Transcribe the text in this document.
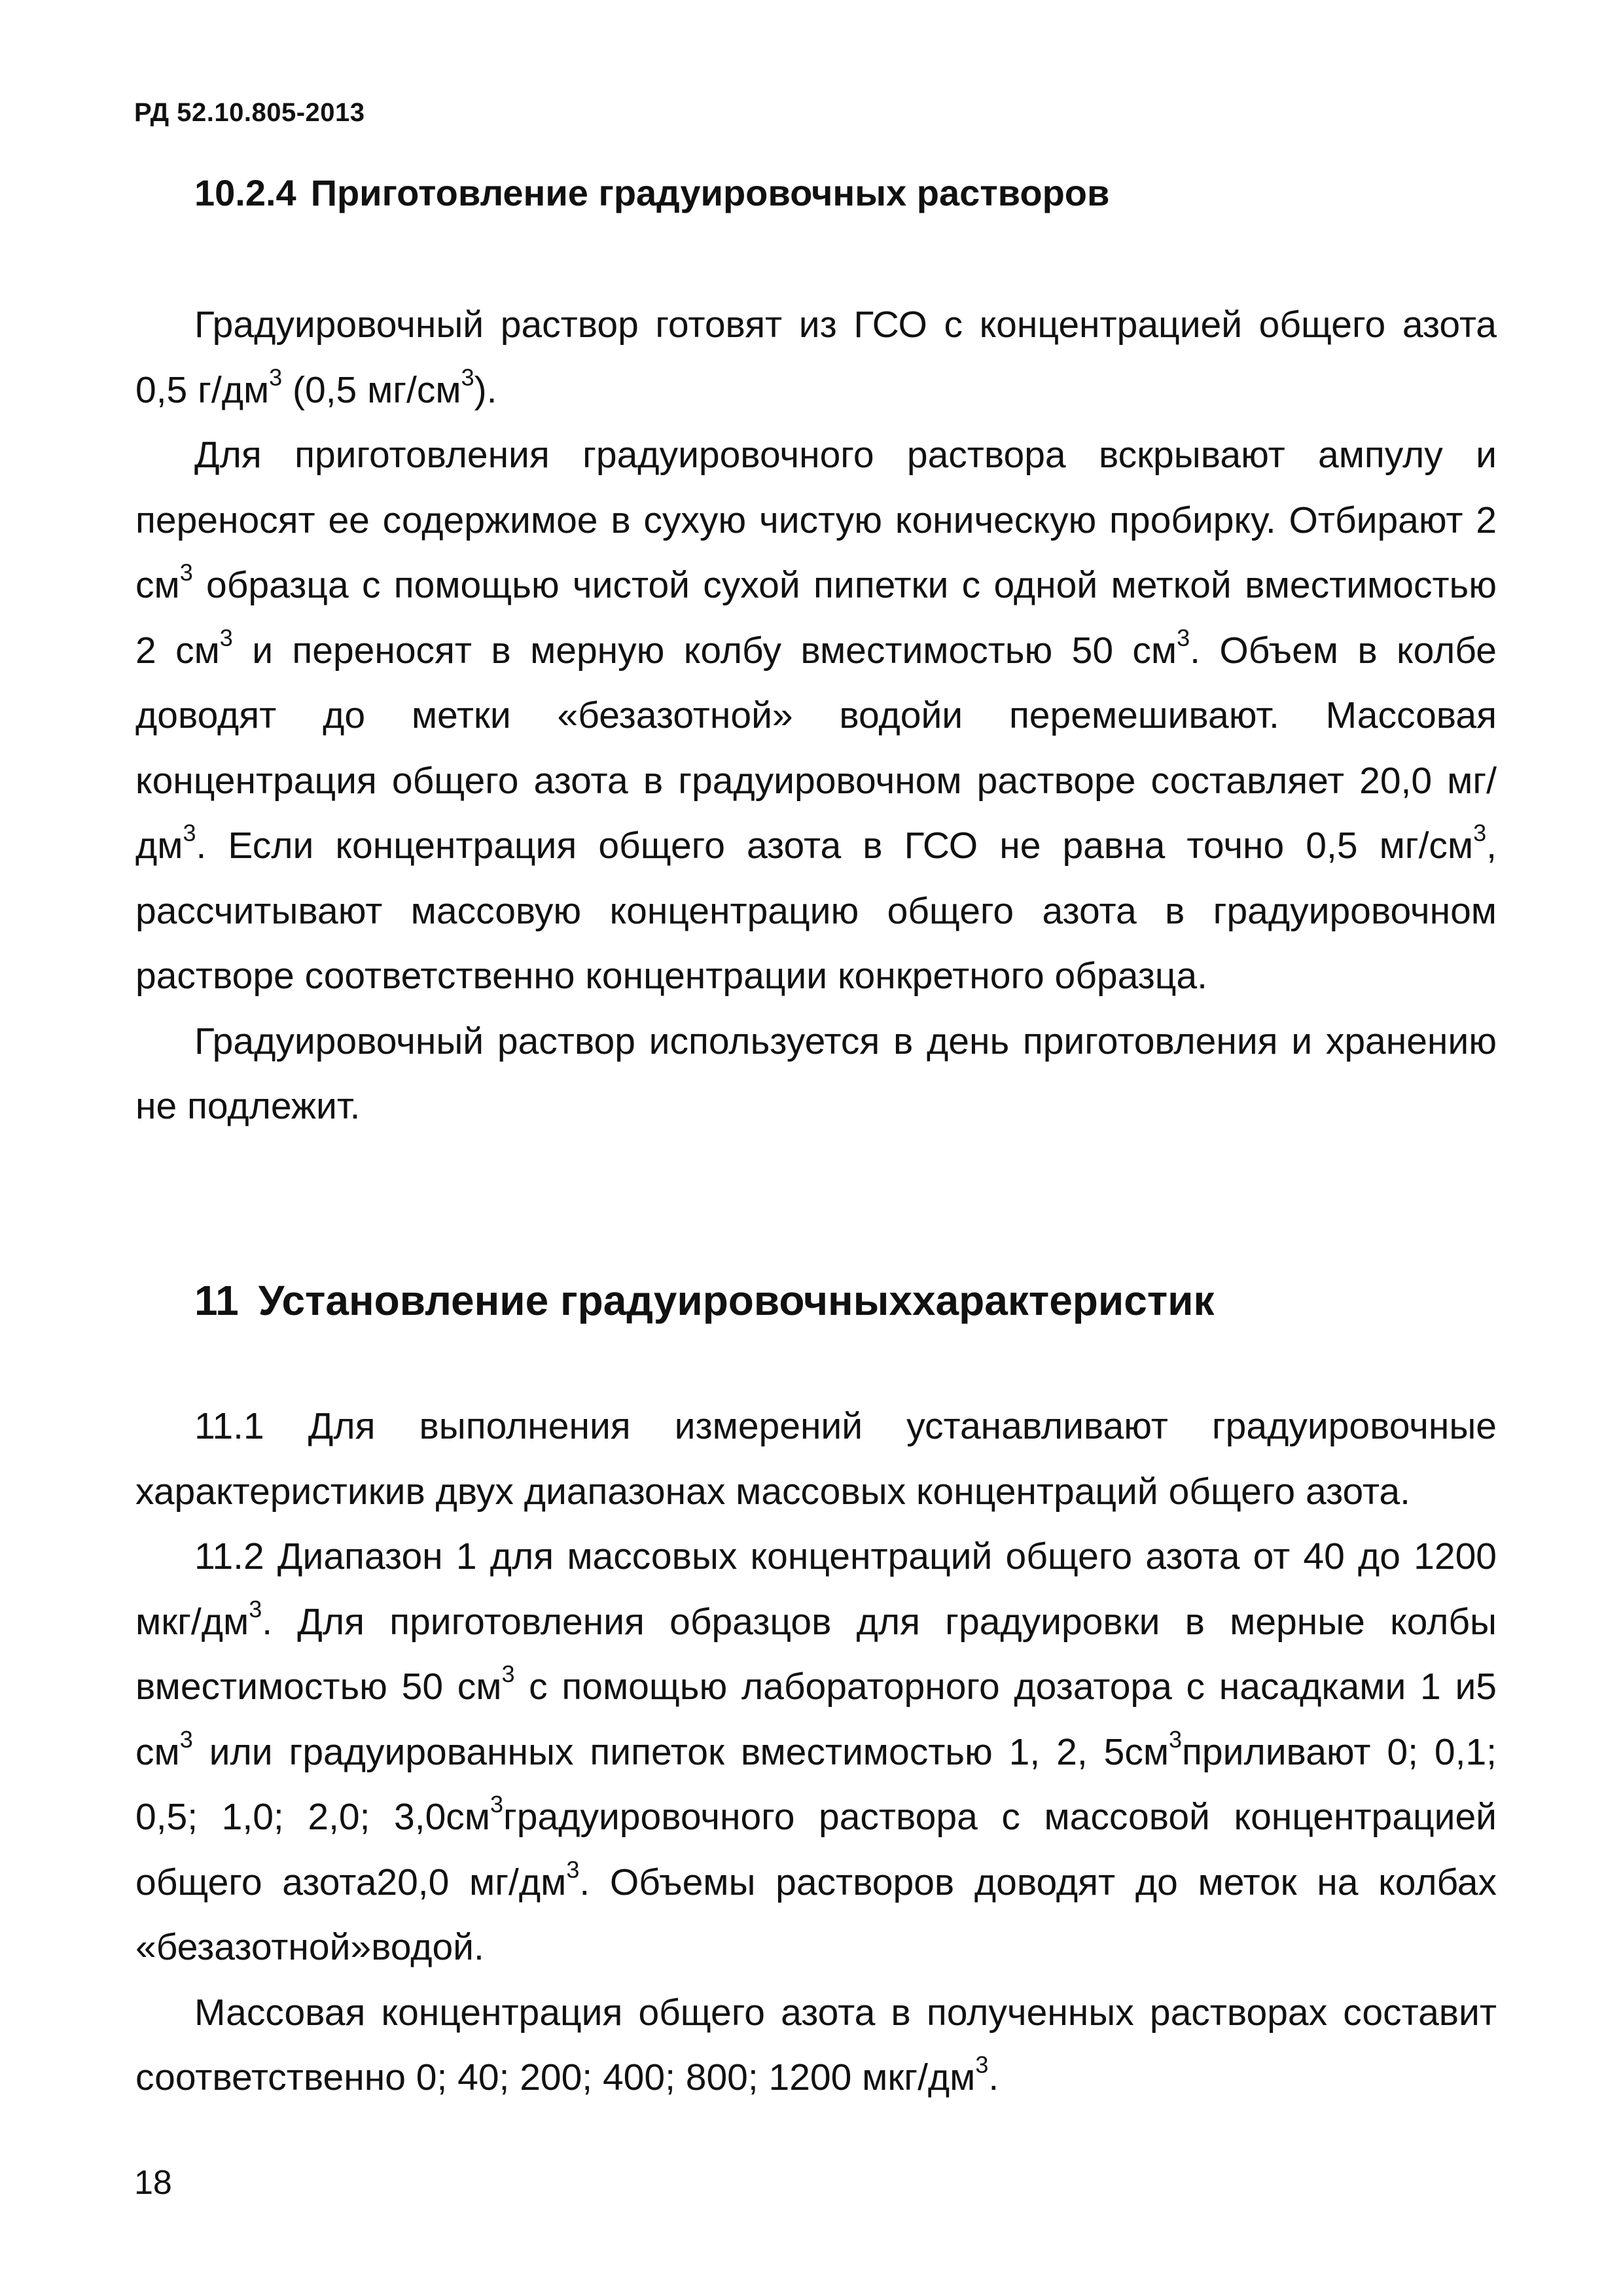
РД 52.10.805-2013
10.2.4 Приготовление градуировочных растворов

Градуировочный раствор готовят из ГСО с концентрацией общего азота 0,5 $г/дм^3$ (0,5 $мг/см^3$).

Для приготовления градуировочного раствора вскрывают ампулу и переносят ее содержимое в сухую чистую коническую пробирку. Отбирают 2 $см^3$ образца с помощью чистой сухой пипетки с одной меткой вместимостью 2 $см^3$ и переносят в мерную колбу вместимостью 50 $см^3$. Объем в колбе доводят до метки «безазотной» водойи перемешивают. Массовая концентрация общего азота в градуировочном растворе составляет 20,0 $мг/дм^3$. Если концентрация общего азота в ГСО не равна точно 0,5 $мг/см^3$, рассчитывают массовую концентрацию общего азота в градуировочном растворе соответственно концентрации конкретного образца.

Градуировочный раствор используется в день приготовления и хранению не подлежит.

11 Установление градуировочныххарактеристик

11.1 Для выполнения измерений устанавливают градуировочные характеристикив двух диапазонах массовых концентраций общего азота.

11.2 Диапазон 1 для массовых концентраций общего азота от 40 до 1200 мкг/$дм^3$. Для приготовления образцов для градуировки в мерные колбы вместимостью 50 $см^3$ с помощью лабораторного дозатора с насадками 1 и5 $см^3$ или градуированных пипеток вместимостью 1, 2, $5см^3приливают$ 0; 0,1; 0,5; 1,0; 2,0; $3,0см^3градуировочного$ раствора с массовой концентрацией общего азота20,0 $мг/дм^3$. Объемы растворов доводят до меток на колбах «безазотной»водой.

Массовая концентрация общего азота в полученных растворах составит соответственно 0; 40; 200; 400; 800; 1200 мкг/$дм^3$.

18
